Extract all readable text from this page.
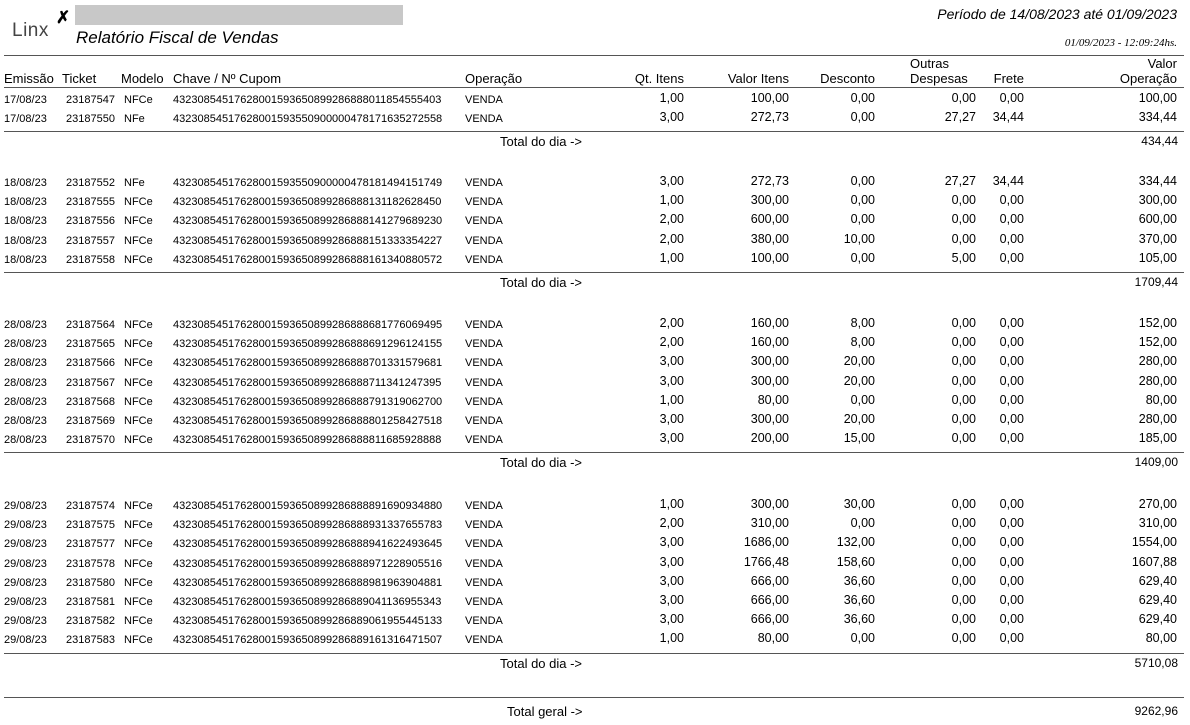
Linx
✗
Relatório Fiscal de Vendas
Período de 14/08/2023 até 01/09/2023
01/09/2023 - 12:09:24hs.
Emissão Ticket Modelo Chave / Nº Cupom	Operação	Qt. Itens	Valor Itens Desconto
Outras
Despesas Frete
Valor
Operação
17/08/23 23187547 NFCe 43230854517628001593650899286888011854555403 VENDA	1,00	100,00	0,00	0,00 0,00	100,00
17/08/23 23187550 NFe	43230854517628001593550900000478171635272558 VENDA	3,00	272,73	0,00	27,27 34,44	334,44
Total do dia ->	434,44
18/08/23 23187552 NFe	43230854517628001593550900000478181494151749 VENDA	3,00	272,73	0,00	27,27 34,44	334,44
18/08/23 23187555 NFCe 43230854517628001593650899286888131182628450 VENDA	1,00	300,00	0,00	0,00 0,00	300,00
18/08/23 23187556 NFCe 43230854517628001593650899286888141279689230 VENDA	2,00	600,00	0,00	0,00 0,00	600,00
18/08/23 23187557 NFCe 43230854517628001593650899286888151333354227 VENDA	2,00	380,00	10,00	0,00 0,00	370,00
18/08/23 23187558 NFCe 43230854517628001593650899286888161340880572 VENDA	1,00	100,00	0,00	5,00 0,00	105,00
Total do dia ->	1709,44
28/08/23 23187564 NFCe 43230854517628001593650899286888681776069495 VENDA	2,00	160,00	8,00	0,00 0,00	152,00
28/08/23 23187565 NFCe 43230854517628001593650899286888691296124155 VENDA	2,00	160,00	8,00	0,00 0,00	152,00
28/08/23 23187566 NFCe 43230854517628001593650899286888701331579681 VENDA	3,00	300,00	20,00	0,00 0,00	280,00
28/08/23 23187567 NFCe 43230854517628001593650899286888711341247395 VENDA	3,00	300,00	20,00	0,00 0,00	280,00
28/08/23 23187568 NFCe 43230854517628001593650899286888791319062700 VENDA	1,00	80,00	0,00	0,00 0,00	80,00
28/08/23 23187569 NFCe 43230854517628001593650899286888801258427518 VENDA	3,00	300,00	20,00	0,00 0,00	280,00
28/08/23 23187570 NFCe 43230854517628001593650899286888811685928888 VENDA	3,00	200,00	15,00	0,00 0,00	185,00
Total do dia ->	1409,00
29/08/23 23187574 NFCe 43230854517628001593650899286888891690934880 VENDA	1,00	300,00	30,00	0,00 0,00	270,00
29/08/23 23187575 NFCe 43230854517628001593650899286888931337655783 VENDA	2,00	310,00	0,00	0,00 0,00	310,00
29/08/23 23187577 NFCe 43230854517628001593650899286888941622493645 VENDA	3,00	1686,00	132,00	0,00 0,00	1554,00
29/08/23 23187578 NFCe 43230854517628001593650899286888971228905516 VENDA	3,00	1766,48	158,60	0,00 0,00	1607,88
29/08/23 23187580 NFCe 43230854517628001593650899286888981963904881 VENDA	3,00	666,00	36,60	0,00 0,00	629,40
29/08/23 23187581 NFCe 43230854517628001593650899286889041136955343 VENDA	3,00	666,00	36,60	0,00 0,00	629,40
29/08/23 23187582 NFCe 43230854517628001593650899286889061955445133 VENDA	3,00	666,00	36,60	0,00 0,00	629,40
29/08/23 23187583 NFCe 43230854517628001593650899286889161316471507 VENDA	1,00	80,00	0,00	0,00 0,00	80,00
Total do dia ->	5710,08
Total geral ->	9262,96
